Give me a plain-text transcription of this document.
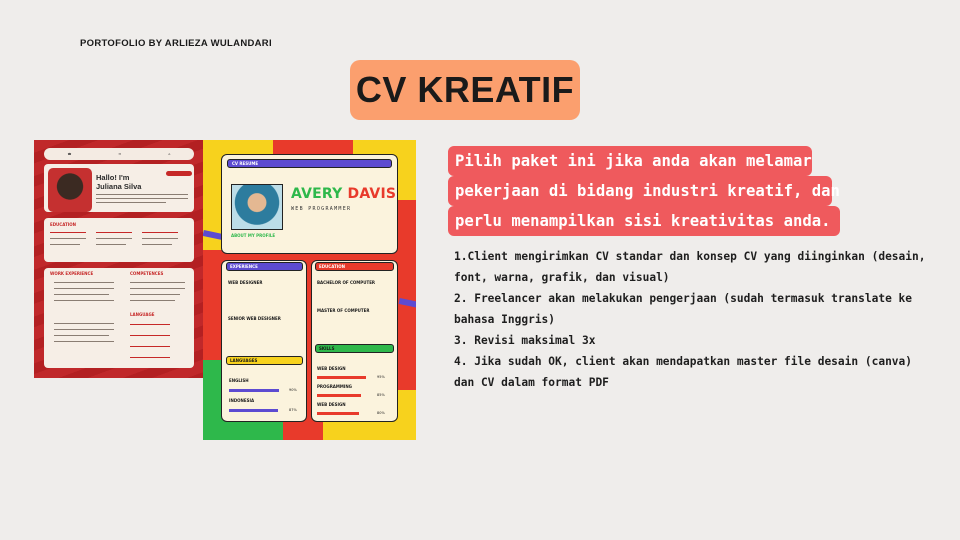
PORTOFOLIO BY ARLIEZA WULANDARI
CV KREATIF
☎	✉	⌂
Hallo! I'm
Juliana Silva
EDUCATION
WORK EXPERIENCE	COMPETENCES
LANGUAGE
CV RESUME
AVERY DAVIS
WEB PROGRAMMER
ABOUT MY PROFILE
EXPERIENCE
WEB DESIGNER
SENIOR WEB DESIGNER
LANGUAGES
ENGLISH
90%
INDONESIA
87%
EDUCATION
BACHELOR OF COMPUTER
MASTER OF COMPUTER
SKILLS
WEB DESIGN
95%
PROGRAMMING
85%
WEB DESIGN
80%
Pilih paket ini jika anda akan melamar
pekerjaan di bidang industri kreatif, dan
perlu menampilkan sisi kreativitas anda.
1.Client mengirimkan CV standar dan konsep CV yang diinginkan (desain,
font, warna, grafik, dan visual)
2. Freelancer akan melakukan pengerjaan (sudah termasuk translate ke
bahasa Inggris)
3. Revisi maksimal 3x
4. Jika sudah OK, client akan mendapatkan master file desain (canva)
dan CV dalam format PDF
